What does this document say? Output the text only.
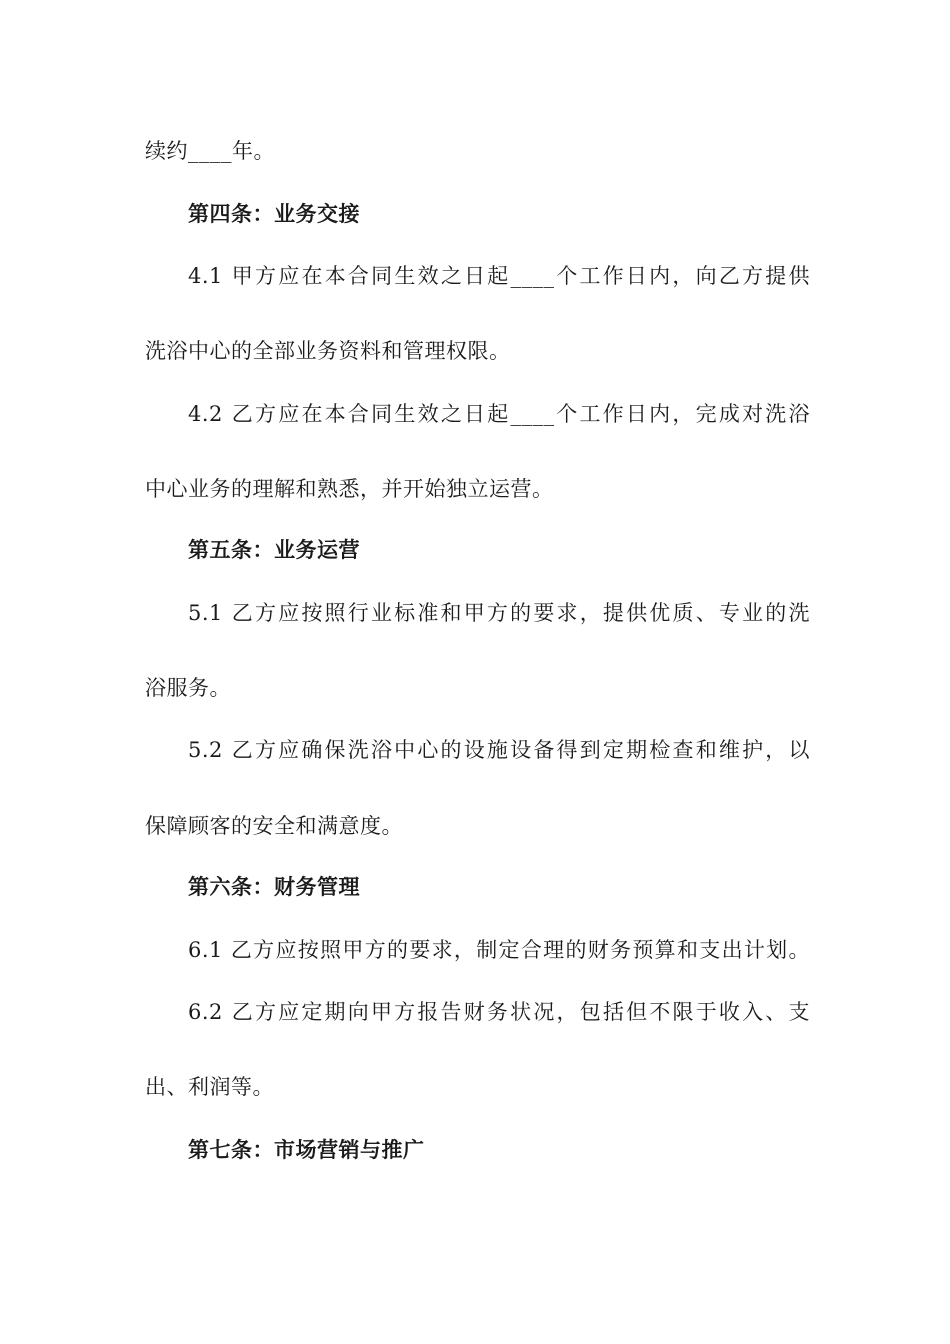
续约____年。
第四条：业务交接
4.1 甲方应在本合同生效之日起____个工作日内，向乙方提供
洗浴中心的全部业务资料和管理权限。
4.2 乙方应在本合同生效之日起____个工作日内，完成对洗浴
中心业务的理解和熟悉，并开始独立运营。
第五条：业务运营
5.1 乙方应按照行业标准和甲方的要求，提供优质、专业的洗
浴服务。
5.2 乙方应确保洗浴中心的设施设备得到定期检查和维护，以
保障顾客的安全和满意度。
第六条：财务管理
6.1 乙方应按照甲方的要求，制定合理的财务预算和支出计划。
6.2 乙方应定期向甲方报告财务状况，包括但不限于收入、支
出、利润等。
第七条：市场营销与推广
